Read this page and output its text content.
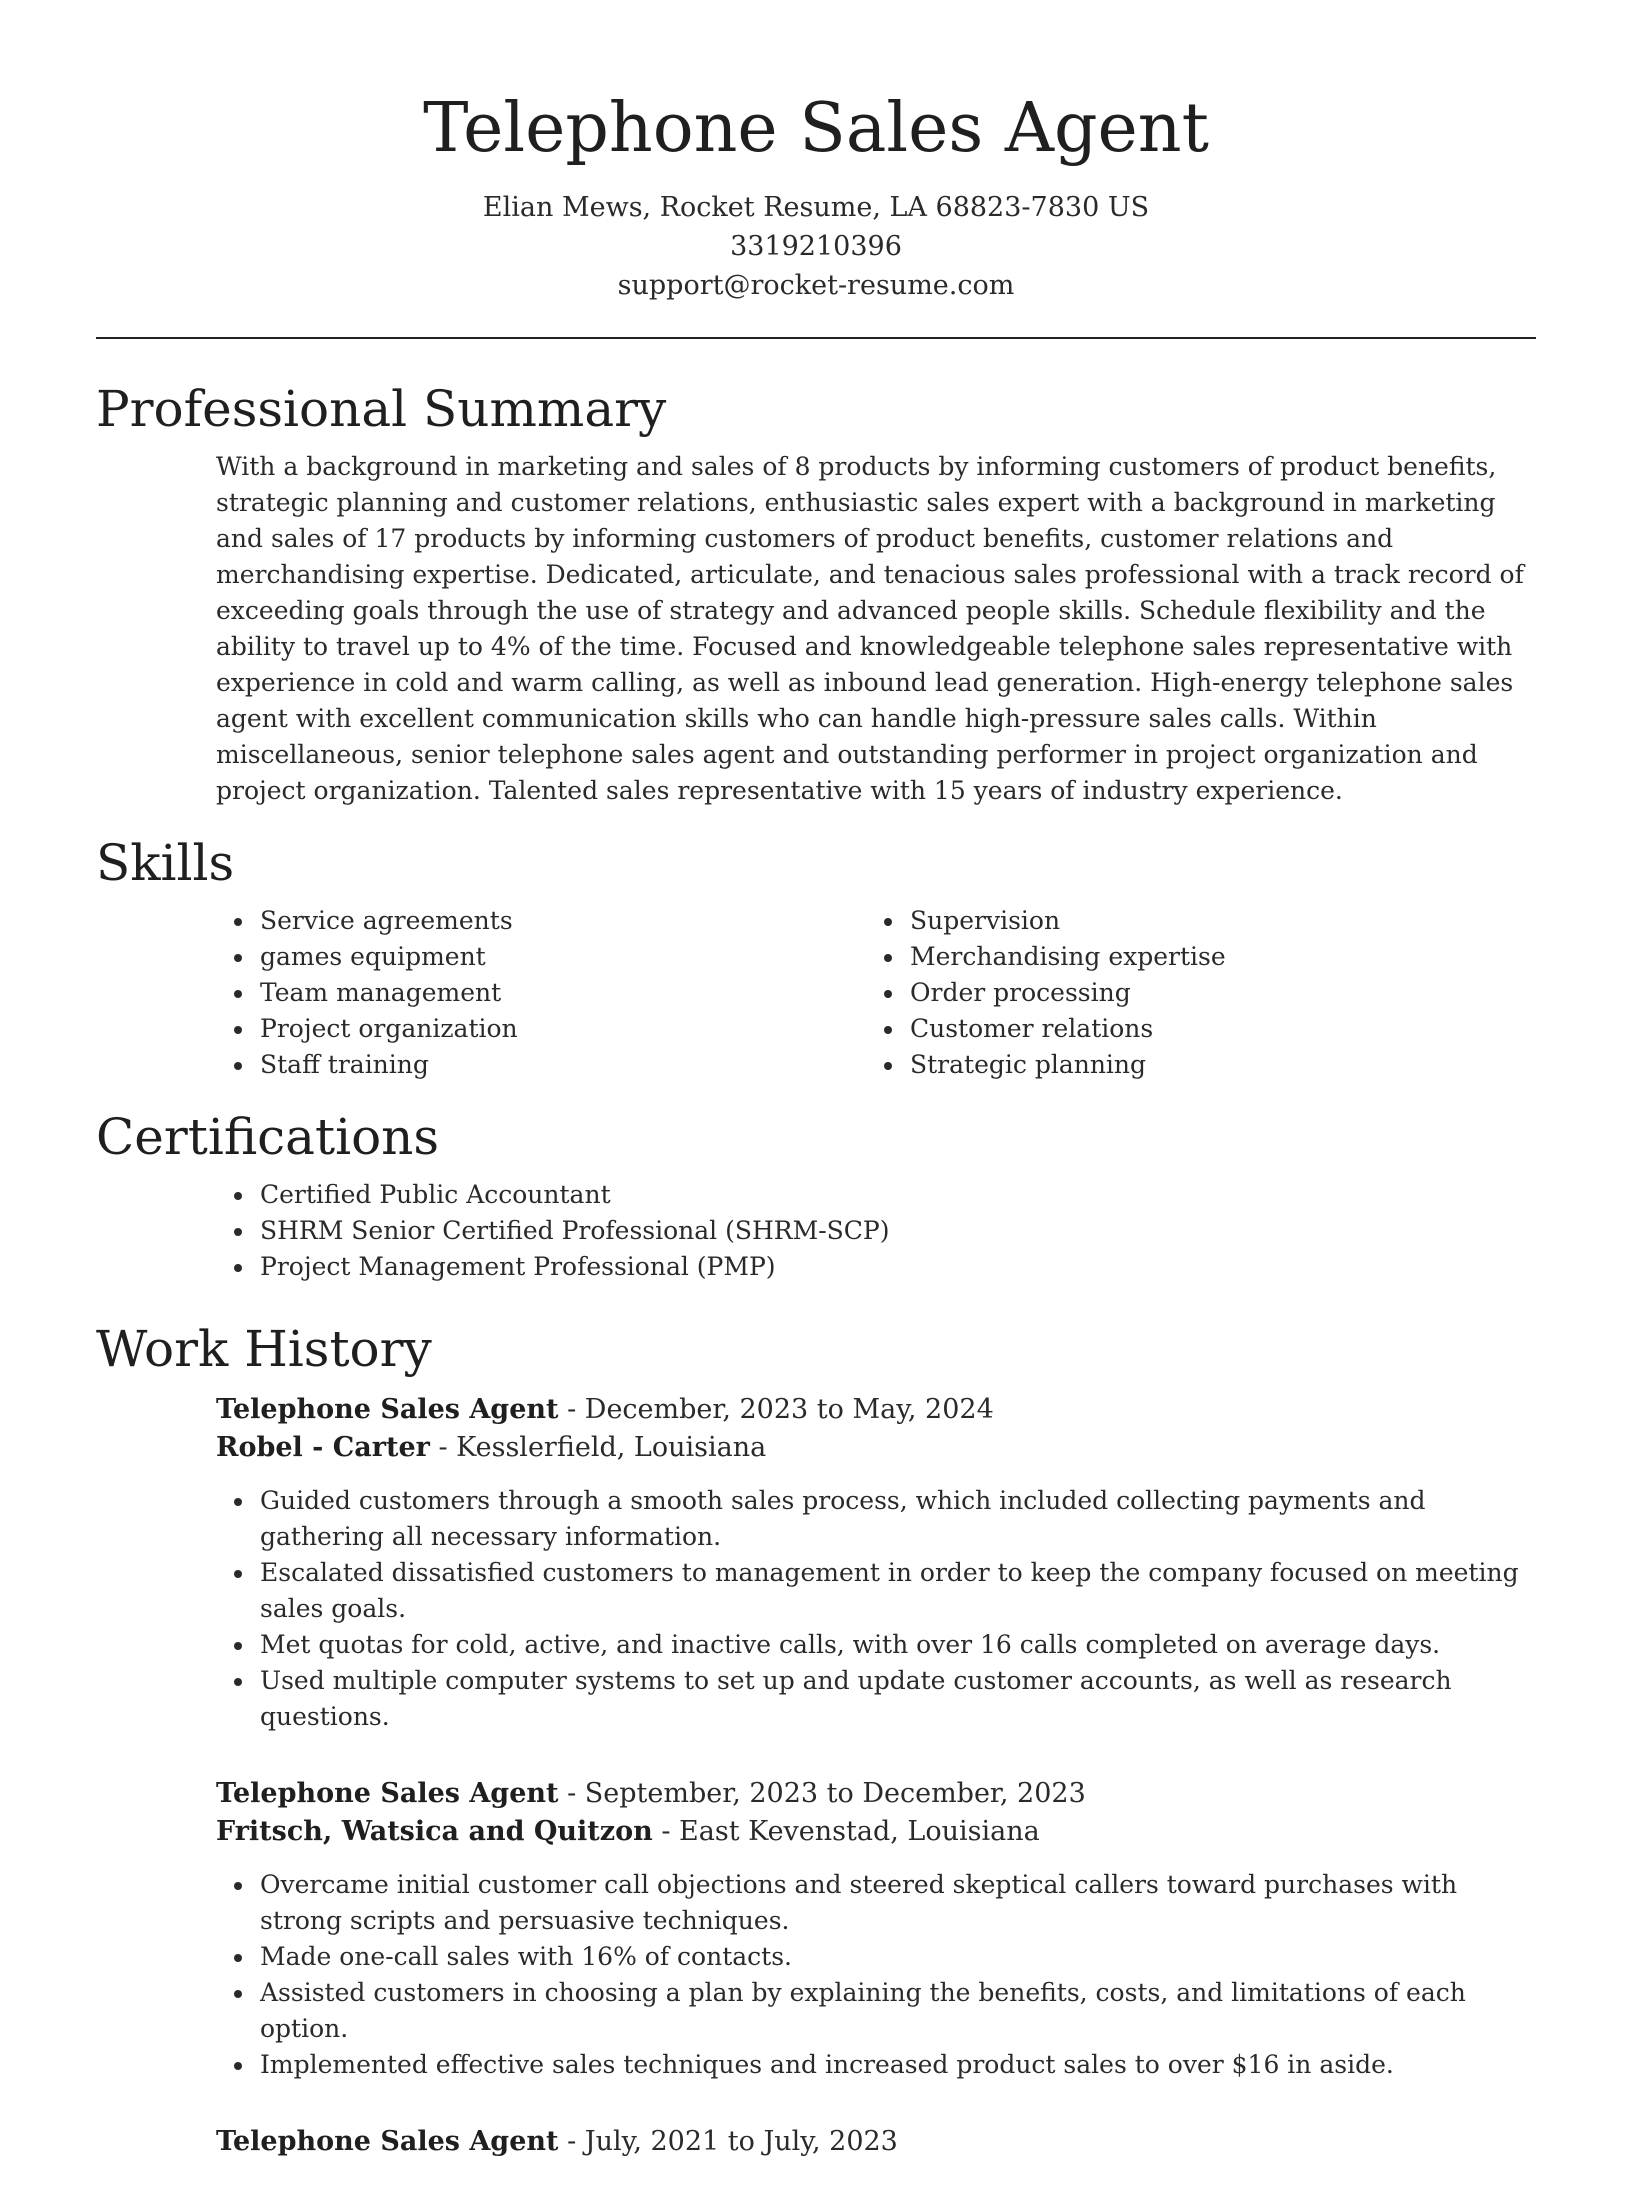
Telephone Sales Agent
Elian Mews, Rocket Resume, LA 68823-7830 US
3319210396
support@rocket-resume.com
Professional Summary

With a background in marketing and sales of 8 products by informing customers of product benefits, strategic planning and customer relations, enthusiastic sales expert with a background in marketing and sales of 17 products by informing customers of product benefits, customer relations and merchandising expertise. Dedicated, articulate, and tenacious sales professional with a track record of exceeding goals through the use of strategy and advanced people skills. Schedule flexibility and the ability to travel up to 4% of the time. Focused and knowledgeable telephone sales representative with experience in cold and warm calling, as well as inbound lead generation. High-energy telephone sales agent with excellent communication skills who can handle high-pressure sales calls. Within miscellaneous, senior telephone sales agent and outstanding performer in project organization and project organization. Talented sales representative with 15 years of industry experience.

Skills
Service agreements
games equipment
Team management
Project organization
Staff training
Supervision
Merchandising expertise
Order processing
Customer relations
Strategic planning
Certifications
Certified Public Accountant
SHRM Senior Certified Professional (SHRM-SCP)
Project Management Professional (PMP)
Work History
Telephone Sales Agent - December, 2023 to May, 2024
Robel - Carter - Kesslerfield, Louisiana
Guided customers through a smooth sales process, which included collecting payments and gathering all necessary information.
Escalated dissatisfied customers to management in order to keep the company focused on meeting sales goals.
Met quotas for cold, active, and inactive calls, with over 16 calls completed on average days.
Used multiple computer systems to set up and update customer accounts, as well as research questions.
Telephone Sales Agent - September, 2023 to December, 2023
Fritsch, Watsica and Quitzon - East Kevenstad, Louisiana
Overcame initial customer call objections and steered skeptical callers toward purchases with strong scripts and persuasive techniques.
Made one-call sales with 16% of contacts.
Assisted customers in choosing a plan by explaining the benefits, costs, and limitations of each option.
Implemented effective sales techniques and increased product sales to over $16 in aside.
Telephone Sales Agent - July, 2021 to July, 2023
